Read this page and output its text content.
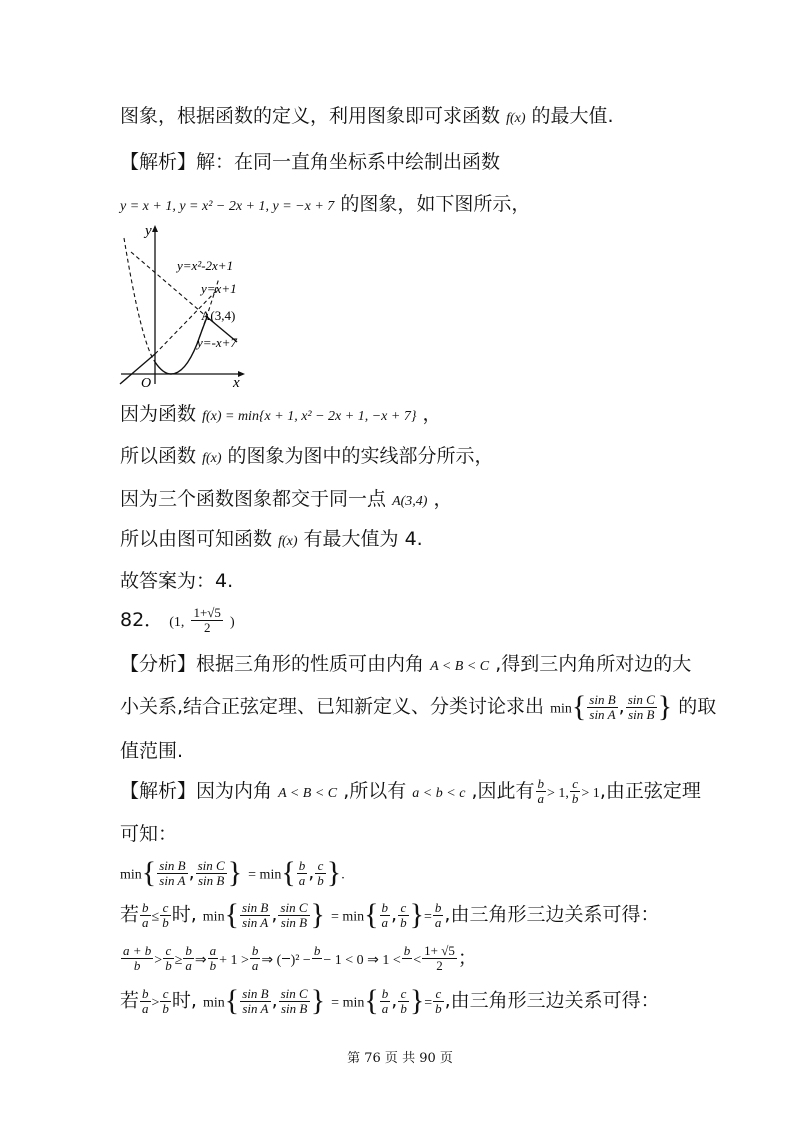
图象，根据函数的定义，利用图象即可求函数 f(x) 的最大值.
【解析】解：在同一直角坐标系中绘制出函数
y = x + 1, y = x² − 2x + 1, y = −x + 7 的图象，如下图所示，
y
x
O
y=x²-2x+1
y=x+1
A(3,4)
y=-x+7
因为函数 f(x) = min{x + 1, x² − 2x + 1, −x + 7} ，
所以函数 f(x) 的图象为图中的实线部分所示，
因为三个函数图象都交于同一点 A(3,4) ，
所以由图可知函数 f(x) 有最大值为 4.
故答案为：4.
82． (1, $\frac{1+√5}{2}$ )
【分析】根据三角形的性质可由内角 A < B < C ,得到三内角所对边的大
小关系,结合正弦定理、已知新定义、分类讨论求出 $\min\{ \frac{\text{sin B}}{\text{sin A}}$ , $\frac{\text{sin C}}{\text{sin B}}$ } 的取
值范围.
【解析】因为内角 A < B < C ,所以有 a < b < c ,因此有 $\frac{b}{a} > 1$, $\frac{c}{b} > 1$,由正弦定理
可知：
$\min\{ \frac{\text{sin B}}{\text{sin A}}$ , $\frac{\text{sin C}}{\text{sin B}}$ } = $\min\{ \frac{b}{a}$ , $\frac{c}{b}$ }.
若 $\frac{b}{a} \le \frac{c}{b}$ 时, $\min\{ \frac{\text{sin B}}{\text{sin A}}$ , $\frac{\text{sin C}}{\text{sin B}}$ } = $\min\{ \frac{b}{a}$ , $\frac{c}{b}$ }= $\frac{b}{a}$ ,由三角形三边关系可得：
$\frac{a + b}{b} > \frac{c}{b} \ge \frac{b}{a}$ ⇒ $\frac{a}{b} + 1 > \frac{b}{a}$ ⇒ (

)² −
b

− 1 < 0 ⇒ 1 <
b

< $\frac{1+ √5}{2}$ ；
若 $\frac{b}{a} > \frac{c}{b}$ 时, $\min\{ \frac{\text{sin B}}{\text{sin A}}$ , $\frac{\text{sin C}}{\text{sin B}}$ } = $\min\{ \frac{b}{a}$ , $\frac{c}{b}$ }= $\frac{c}{b}$ ,由三角形三边关系可得：
第 76 页 共 90 页
